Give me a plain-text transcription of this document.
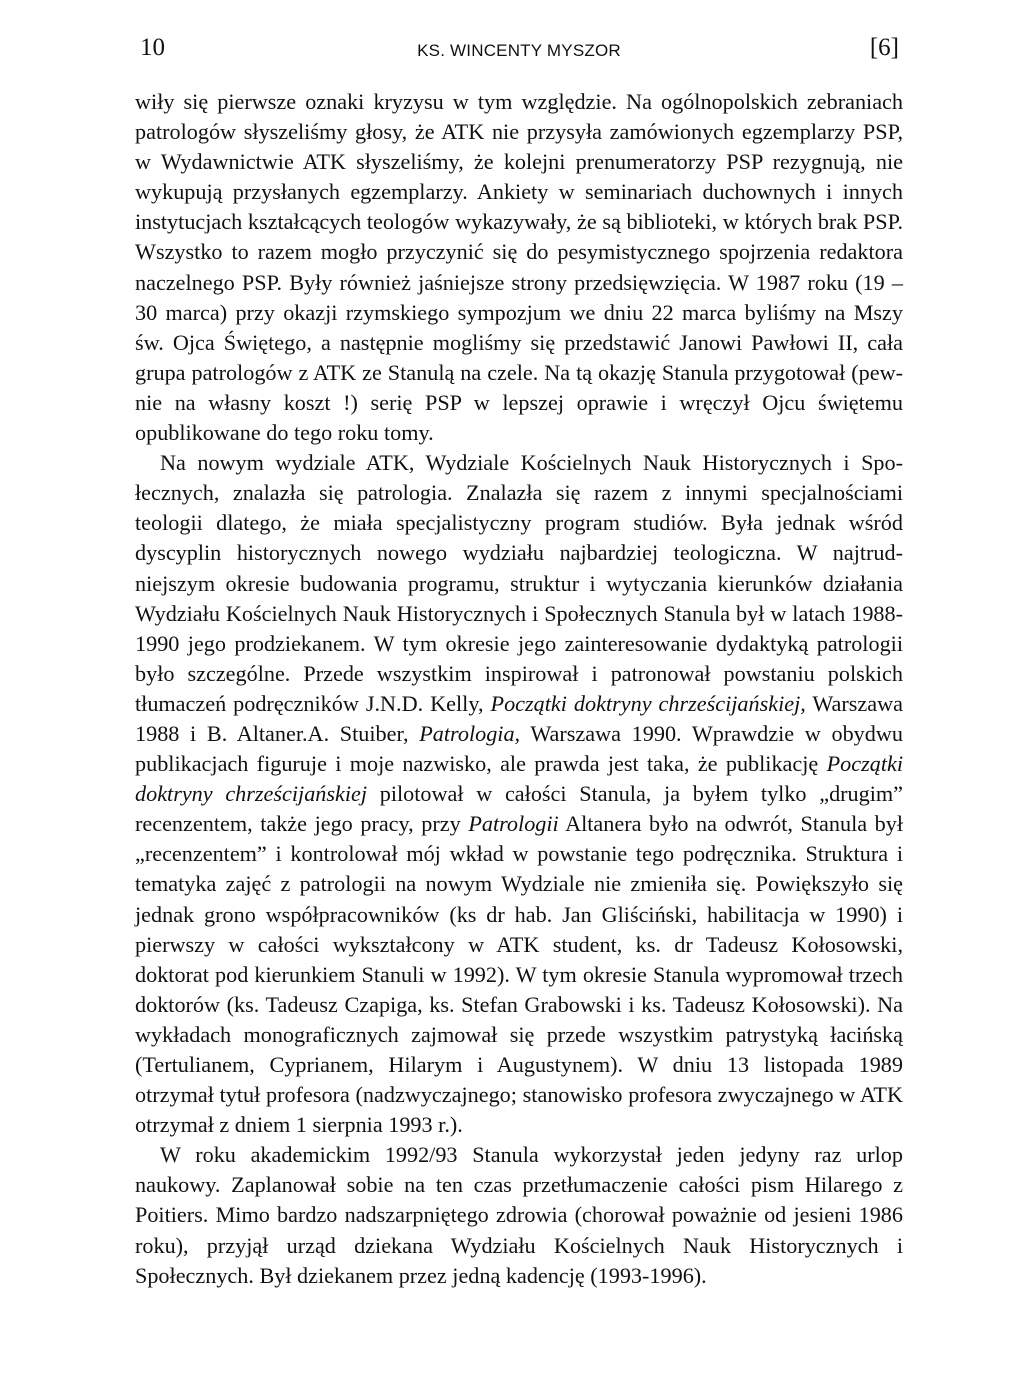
10	KS. WINCENTY MYSZOR	[6]

wiły się pierwsze oznaki kryzysu w tym względzie. Na ogólnopolskich zebraniach patrologów słyszeliśmy głosy, że ATK nie przysyła zamówionych egzemplarzy PSP, w Wydawnictwie ATK słyszeliśmy, że kolejni prenumeratorzy PSP rezygnują, nie wykupują przysłanych egzemplarzy. Ankiety w seminariach duchownych i innych instytucjach kształcących teologów wykazywały, że są biblioteki, w których brak PSP. Wszystko to razem mogło przyczynić się do pesymistycznego spojrzenia redaktora naczelnego PSP. Były również jaśniejsze strony przedsięwzięcia. W 1987 roku (19 – 30 marca) przy okazji rzymskiego sympozjum we dniu 22 marca byliśmy na Mszy św. Ojca Świętego, a następnie mogliśmy się przedstawić Janowi Pawłowi II, cała grupa patrologów z ATK ze Stanulą na czele. Na tą okazję Stanula przygotował (pewnie na własny koszt !) serię PSP w lepszej oprawie i wręczył Ojcu świętemu opublikowane do tego roku tomy.

Na nowym wydziale ATK, Wydziale Kościelnych Nauk Historycznych i Społecznych, znalazła się patrologia. Znalazła się razem z innymi specjalnościami teologii dlatego, że miała specjalistyczny program studiów. Była jednak wśród dyscyplin historycznych nowego wydziału najbardziej teologiczna. W najtrudniejszym okresie budowania programu, struktur i wytyczania kierunków działania Wydziału Kościelnych Nauk Historycznych i Społecznych Stanula był w latach 1988-1990 jego prodziekanem. W tym okresie jego zainteresowanie dydaktyką patrologii było szczególne. Przede wszystkim inspirował i patronował powstaniu polskich tłumaczeń podręczników J.N.D. Kelly, Początki doktryny chrześcijańskiej, Warszawa 1988 i B. Altaner.A. Stuiber, Patrologia, Warszawa 1990. Wprawdzie w obydwu publikacjach figuruje i moje nazwisko, ale prawda jest taka, że publikację Początki doktryny chrześcijańskiej pilotował w całości Stanula, ja byłem tylko „drugim” recenzentem, także jego pracy, przy Patrologii Altanera było na odwrót, Stanula był „recenzentem” i kontrolował mój wkład w powstanie tego podręcznika. Struktura i tematyka zajęć z patrologii na nowym Wydziale nie zmieniła się. Powiększyło się jednak grono współpracowników (ks dr hab. Jan Gliściński, habilitacja w 1990) i pierwszy w całości wykształcony w ATK student, ks. dr Tadeusz Kołosowski, doktorat pod kierunkiem Stanuli w 1992). W tym okresie Stanula wypromował trzech doktorów (ks. Tadeusz Czapiga, ks. Stefan Grabowski i ks. Tadeusz Kołosowski). Na wykładach monograficznych zajmował się przede wszystkim patrystyką łacińską (Tertulianem, Cyprianem, Hilarym i Augustynem). W dniu 13 listopada 1989 otrzymał tytuł profesora (nadzwyczajnego; stanowisko profesora zwyczajnego w ATK otrzymał z dniem 1 sierpnia 1993 r.).

W roku akademickim 1992/93 Stanula wykorzystał jeden jedyny raz urlop naukowy. Zaplanował sobie na ten czas przetłumaczenie całości pism Hilarego z Poitiers. Mimo bardzo nadszarpniętego zdrowia (chorował poważnie od jesieni 1986 roku), przyjął urząd dziekana Wydziału Kościelnych Nauk Historycznych i Społecznych. Był dziekanem przez jedną kadencję (1993-1996).
